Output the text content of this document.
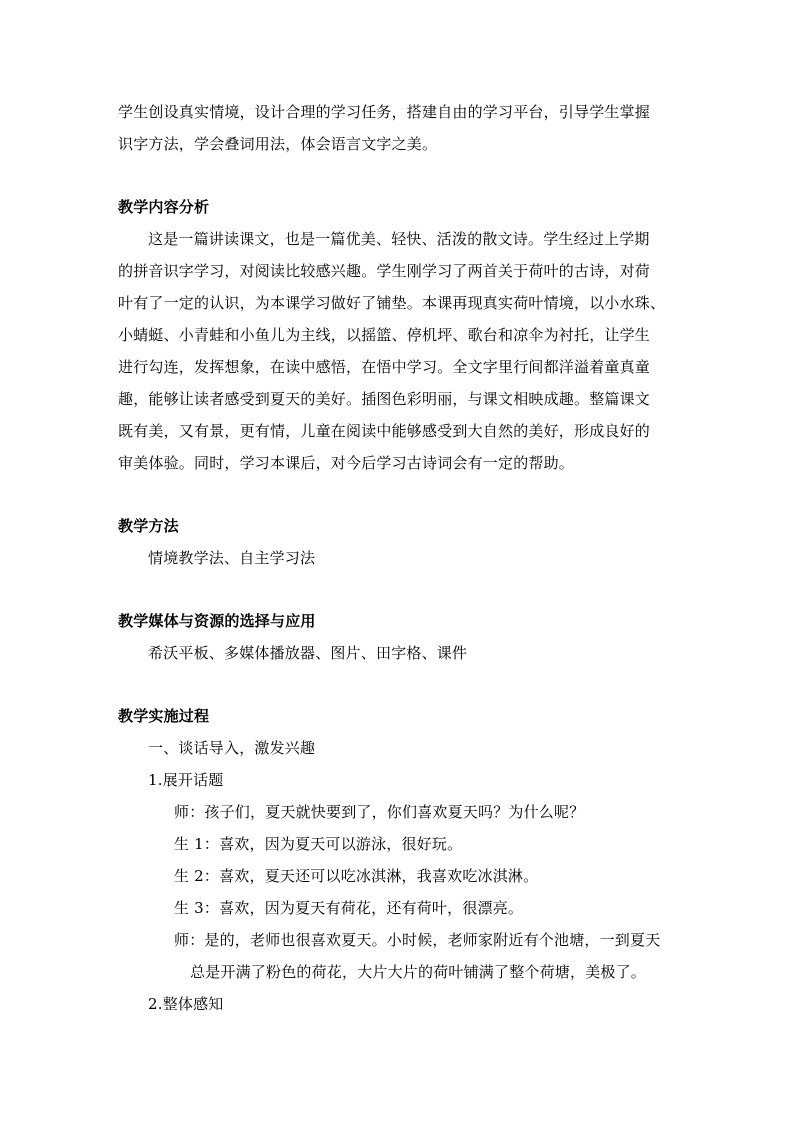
学生创设真实情境，设计合理的学习任务，搭建自由的学习平台，引导学生掌握
识字方法，学会叠词用法，体会语言文字之美。
教学内容分析
这是一篇讲读课文，也是一篇优美、轻快、活泼的散文诗。学生经过上学期
的拼音识字学习，对阅读比较感兴趣。学生刚学习了两首关于荷叶的古诗，对荷
叶有了一定的认识，为本课学习做好了铺垫。本课再现真实荷叶情境，以小水珠、
小蜻蜓、小青蛙和小鱼儿为主线，以摇篮、停机坪、歌台和凉伞为衬托，让学生
进行勾连，发挥想象，在读中感悟，在悟中学习。全文字里行间都洋溢着童真童
趣，能够让读者感受到夏天的美好。插图色彩明丽，与课文相映成趣。整篇课文
既有美，又有景，更有情，儿童在阅读中能够感受到大自然的美好，形成良好的
审美体验。同时，学习本课后，对今后学习古诗词会有一定的帮助。
教学方法
情境教学法、自主学习法
教学媒体与资源的选择与应用
希沃平板、多媒体播放器、图片、田字格、课件
教学实施过程
一、谈话导入，激发兴趣
1.展开话题
师：孩子们，夏天就快要到了，你们喜欢夏天吗？为什么呢？
生 1：喜欢，因为夏天可以游泳，很好玩。
生 2：喜欢，夏天还可以吃冰淇淋，我喜欢吃冰淇淋。
生 3：喜欢，因为夏天有荷花，还有荷叶，很漂亮。
师：是的，老师也很喜欢夏天。小时候，老师家附近有个池塘，一到夏天
总是开满了粉色的荷花，大片大片的荷叶铺满了整个荷塘，美极了。
2.整体感知
